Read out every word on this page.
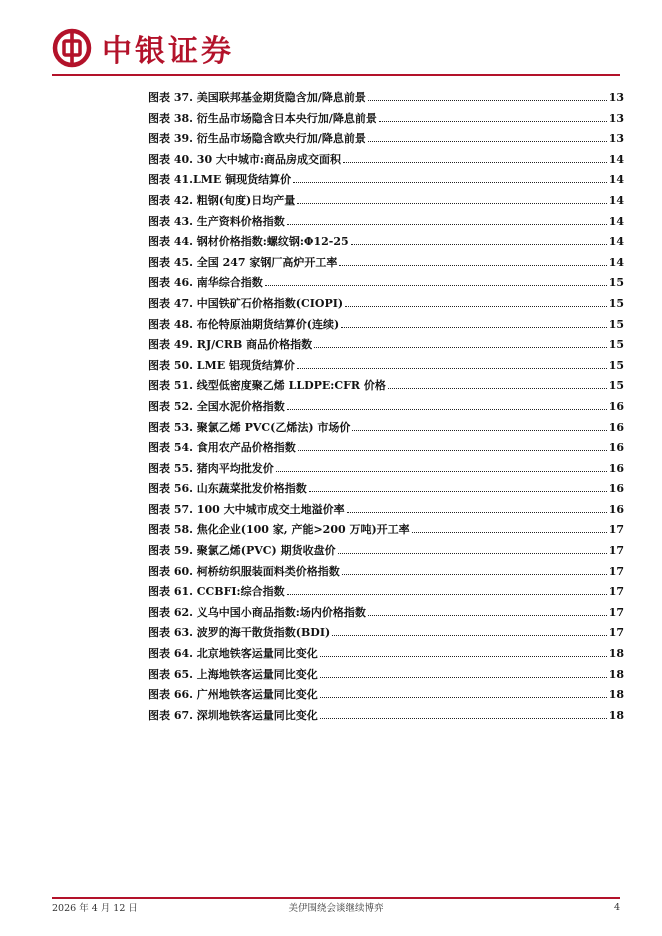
中银证券
图表 37. 美国联邦基金期货隐含加/降息前景	13
图表 38. 衍生品市场隐含日本央行加/降息前景	13
图表 39. 衍生品市场隐含欧央行加/降息前景	13
图表 40. 30 大中城市:商品房成交面积	14
图表 41.LME 铜现货结算价	14
图表 42. 粗钢(旬度)日均产量	14
图表 43. 生产资料价格指数	14
图表 44. 钢材价格指数:螺纹钢:Φ12-25	14
图表 45. 全国 247 家钢厂高炉开工率	14
图表 46. 南华综合指数	15
图表 47. 中国铁矿石价格指数(CIOPI)	15
图表 48. 布伦特原油期货结算价(连续)	15
图表 49. RJ/CRB 商品价格指数	15
图表 50. LME 铝现货结算价	15
图表 51. 线型低密度聚乙烯 LLDPE:CFR 价格	15
图表 52. 全国水泥价格指数	16
图表 53. 聚氯乙烯 PVC(乙烯法) 市场价	16
图表 54. 食用农产品价格指数	16
图表 55. 猪肉平均批发价	16
图表 56. 山东蔬菜批发价格指数	16
图表 57. 100 大中城市成交土地溢价率	16
图表 58. 焦化企业(100 家, 产能>200 万吨)开工率	17
图表 59. 聚氯乙烯(PVC) 期货收盘价	17
图表 60. 柯桥纺织服装面料类价格指数	17
图表 61. CCBFI:综合指数	17
图表 62. 义乌中国小商品指数:场内价格指数	17
图表 63. 波罗的海干散货指数(BDI)	17
图表 64. 北京地铁客运量同比变化	18
图表 65. 上海地铁客运量同比变化	18
图表 66. 广州地铁客运量同比变化	18
图表 67. 深圳地铁客运量同比变化	18
2026 年 4 月 12 日	美伊围绕会谈继续博弈	4
